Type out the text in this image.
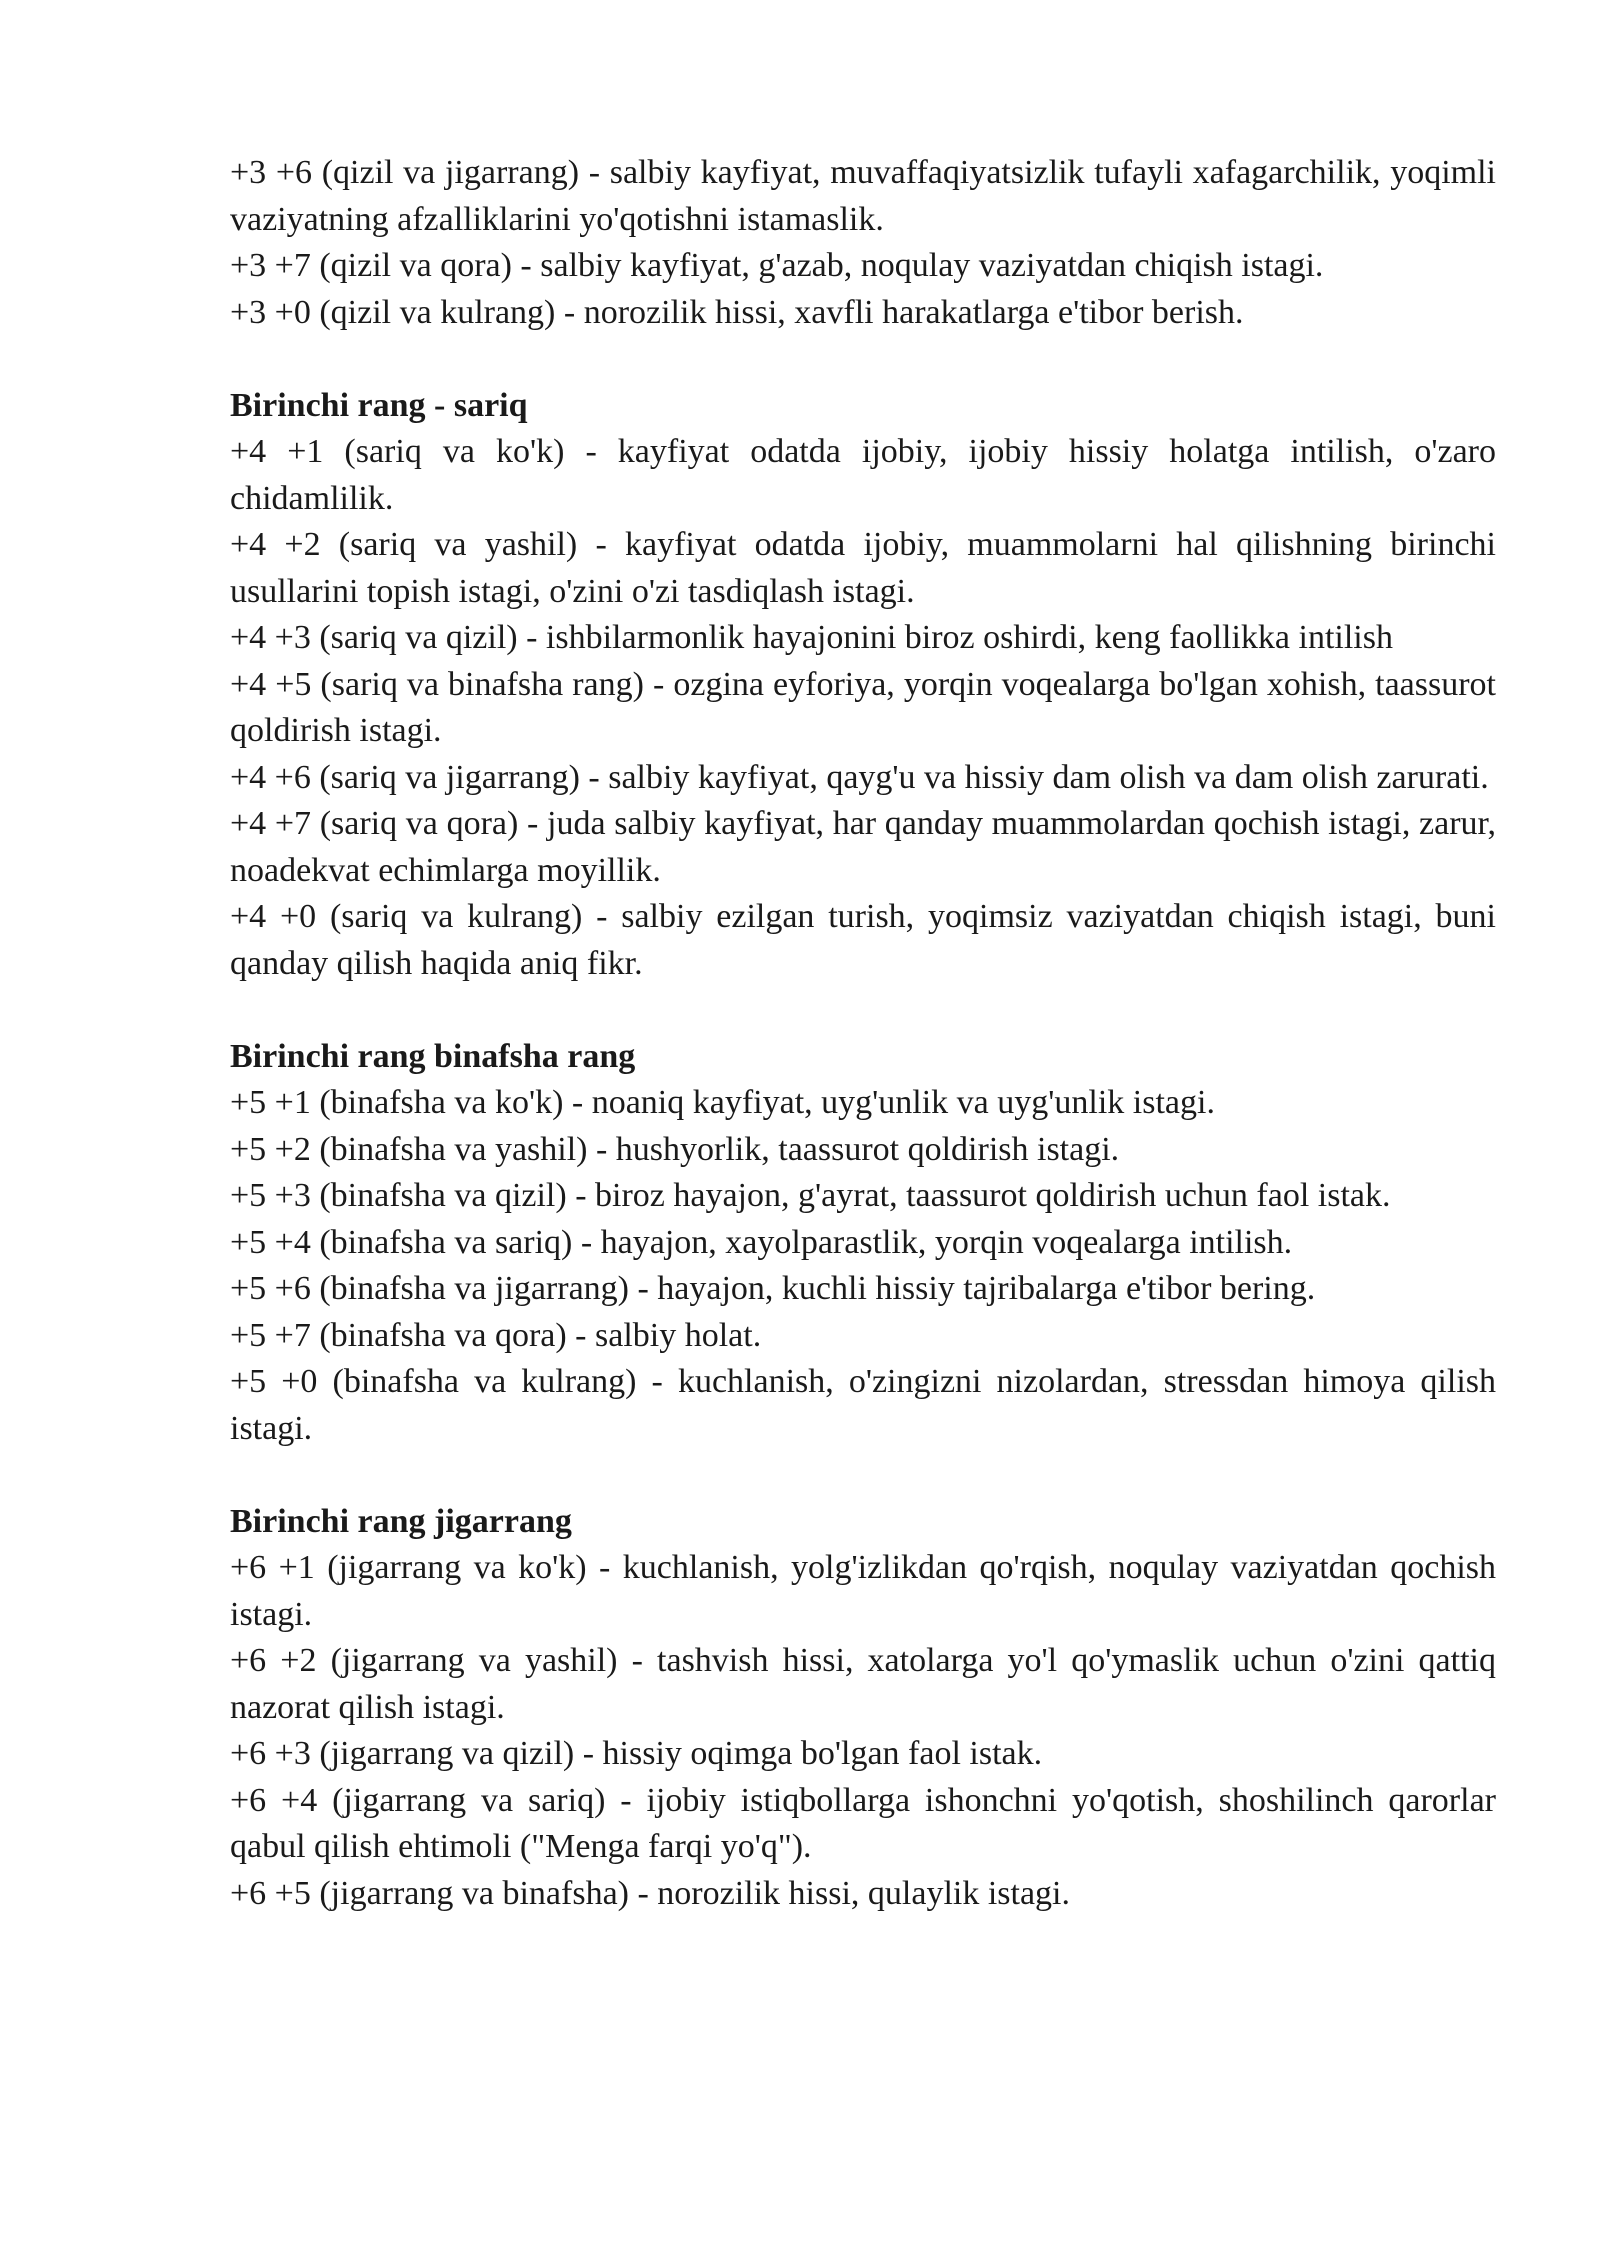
+3 +6 (qizil va jigarrang) - salbiy kayfiyat, muvaffaqiyatsizlik tufayli xafagarchilik, yoqimli vaziyatning afzalliklarini yo'qotishni istamaslik.

+3 +7 (qizil va qora) - salbiy kayfiyat, g'azab, noqulay vaziyatdan chiqish istagi.

+3 +0 (qizil va kulrang) - norozilik hissi, xavfli harakatlarga e'tibor berish.

Birinchi rang - sariq

+4 +1 (sariq va ko'k) - kayfiyat odatda ijobiy, ijobiy hissiy holatga intilish, o'zaro chidamlilik.

+4 +2 (sariq va yashil) - kayfiyat odatda ijobiy, muammolarni hal qilishning birinchi usullarini topish istagi, o'zini o'zi tasdiqlash istagi.

+4 +3 (sariq va qizil) - ishbilarmonlik hayajonini biroz oshirdi, keng faollikka intilish

+4 +5 (sariq va binafsha rang) - ozgina eyforiya, yorqin voqealarga bo'lgan xohish, taassurot qoldirish istagi.

+4 +6 (sariq va jigarrang) - salbiy kayfiyat, qayg'u va hissiy dam olish va dam olish zarurati.

+4 +7 (sariq va qora) - juda salbiy kayfiyat, har qanday muammolardan qochish istagi, zarur, noadekvat echimlarga moyillik.

+4 +0 (sariq va kulrang) - salbiy ezilgan turish, yoqimsiz vaziyatdan chiqish istagi, buni qanday qilish haqida aniq fikr.

Birinchi rang binafsha rang

+5 +1 (binafsha va ko'k) - noaniq kayfiyat, uyg'unlik va uyg'unlik istagi.

+5 +2 (binafsha va yashil) - hushyorlik, taassurot qoldirish istagi.

+5 +3 (binafsha va qizil) - biroz hayajon, g'ayrat, taassurot qoldirish uchun faol istak.

+5 +4 (binafsha va sariq) - hayajon, xayolparastlik, yorqin voqealarga intilish.

+5 +6 (binafsha va jigarrang) - hayajon, kuchli hissiy tajribalarga e'tibor bering.

+5 +7 (binafsha va qora) - salbiy holat.

+5 +0 (binafsha va kulrang) - kuchlanish, o'zingizni nizolardan, stressdan himoya qilish istagi.

Birinchi rang jigarrang

+6 +1 (jigarrang va ko'k) - kuchlanish, yolg'izlikdan qo'rqish, noqulay vaziyatdan qochish istagi.

+6 +2 (jigarrang va yashil) - tashvish hissi, xatolarga yo'l qo'ymaslik uchun o'zini qattiq nazorat qilish istagi.

+6 +3 (jigarrang va qizil) - hissiy oqimga bo'lgan faol istak.

+6 +4 (jigarrang va sariq) - ijobiy istiqbollarga ishonchni yo'qotish, shoshilinch qarorlar qabul qilish ehtimoli ("Menga farqi yo'q").

+6 +5 (jigarrang va binafsha) - norozilik hissi, qulaylik istagi.
